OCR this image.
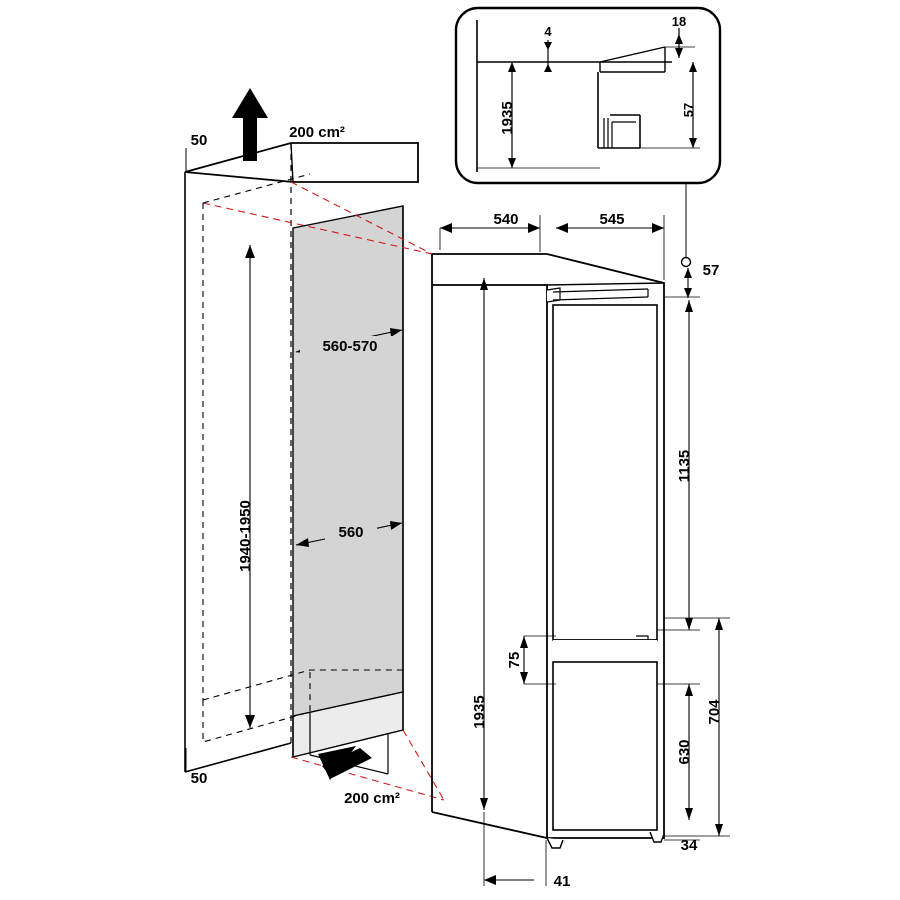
4
18
57
1935
50	200 cm²
50
200 cm²
560-570
560
1940-1950
540	545
57
1135
75
1935
630
704
34
41
